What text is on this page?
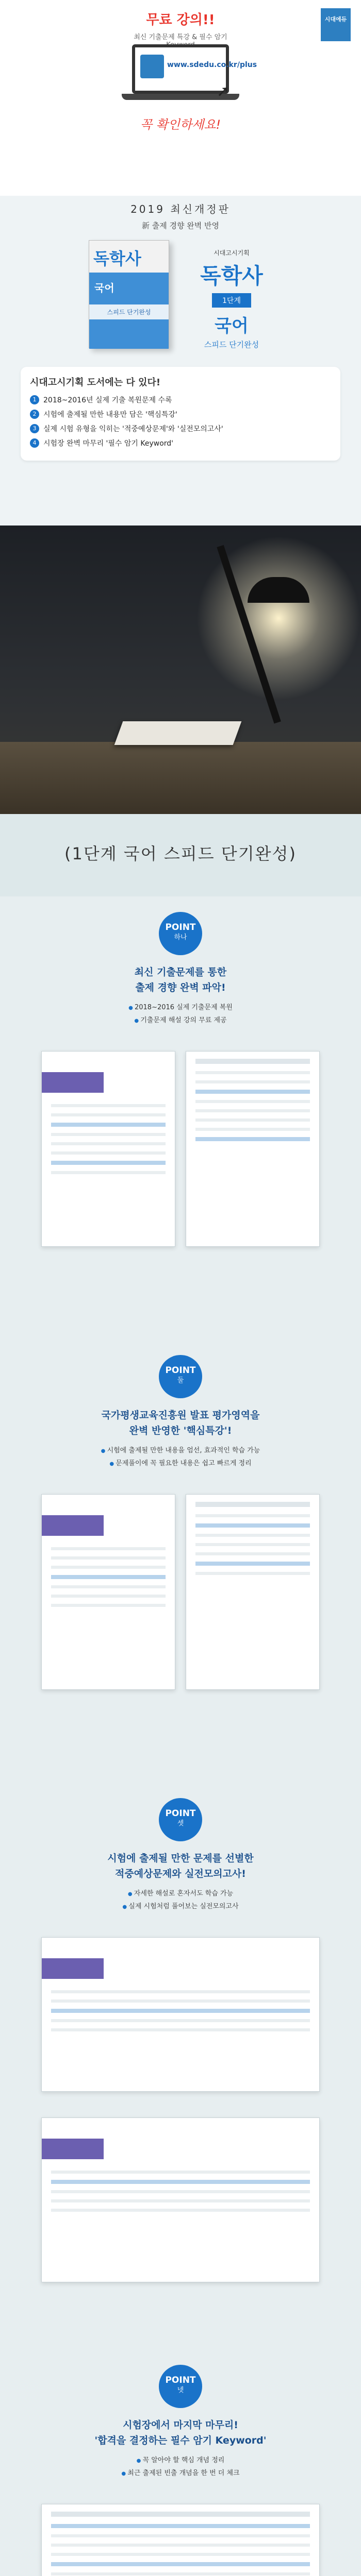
시대에듀
무료 강의!!
최신 기출문제 특강 & 필수 암기
www.sdedu.co.kr/plus
➚
꼭 확인하세요!
2019 최신개정판
新 출제 경향 완벽 반영
독학사
국어
스피드 단기완성
시대고시기획
독학사
1단계
국어
스피드 단기완성
시대고시기획 도서에는 다 있다!
1 2018~2016년 실제 기출 복원문제 수록
2 시험에 출제될 만한 내용만 담은 '핵심특강'
3 실제 시험 유형을 익히는 '적중예상문제'와 '실전모의고사'
4 시험장 완벽 마무리 '필수 암기 Keyword'
(1단계 국어 스피드 단기완성)
POINT
하나
최신 기출문제를 통한
출제 경향 완벽 파악!
● 2018~2016 실제 기출문제 복원
● 기출문제 해설 강의 무료 제공
POINT
둘
국가평생교육진흥원 발표 평가영역을
완벽 반영한 '핵심특강'!
● 시험에 출제될 만한 내용을 엄선, 효과적인 학습 가능
● 문제풀이에 꼭 필요한 내용은 쉽고 빠르게 정리
POINT
셋
시험에 출제될 만한 문제를 선별한
적중예상문제와 실전모의고사!
● 자세한 해설로 혼자서도 학습 가능
● 실제 시험처럼 풀어보는 실전모의고사
POINT
넷
시험장에서 마지막 마무리!
'합격을 결정하는 필수 암기 Keyword'
● 꼭 알아야 할 핵심 개념 정리
● 최근 출제된 빈출 개념을 한 번 더 체크
